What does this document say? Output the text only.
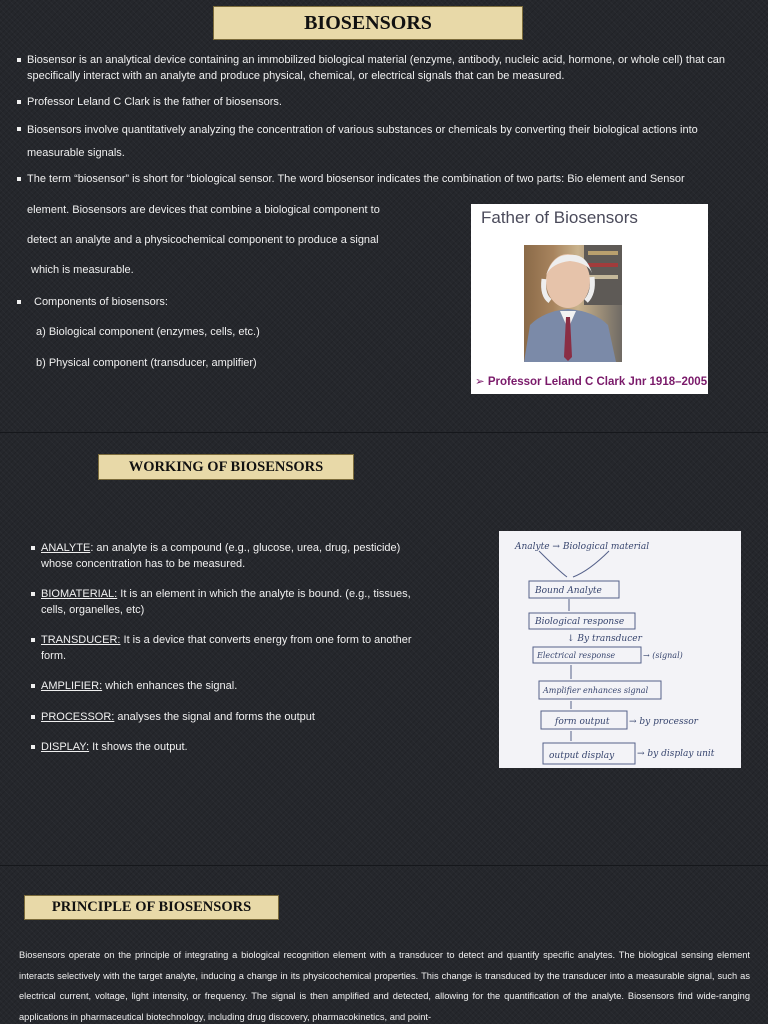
BIOSENSORS
Biosensor is an analytical device containing an immobilized biological material (enzyme, antibody, nucleic acid, hormone, or whole cell) that can specifically interact with an analyte and produce physical, chemical, or electrical signals that can be measured.
Professor Leland C Clark is the father of biosensors.
Biosensors involve quantitatively analyzing the concentration of various substances or chemicals by converting their biological actions into measurable signals.
The term “biosensor” is short for “biological sensor. The word biosensor indicates the combination of two parts: Bio element and Sensor
element. Biosensors are devices that combine a biological component to
detect an analyte and a physicochemical component to produce a signal
which is measurable.
Components of biosensors:
a) Biological component (enzymes, cells, etc.)
b) Physical component (transducer, amplifier)
Father of Biosensors
➢ Professor Leland C Clark Jnr 1918–2005
WORKING OF BIOSENSORS
ANALYTE: an analyte is a compound (e.g., glucose, urea, drug, pesticide) whose concentration has to be measured.
BIOMATERIAL: It is an element in which the analyte is bound. (e.g., tissues, cells, organelles, etc)
TRANSDUCER: It is a device that converts energy from one form to another form.
AMPLIFIER: which enhances the signal.
PROCESSOR: analyses the signal and forms the output
DISPLAY: It shows the output.
Analyte → Biological material
Bound Analyte
Biological response
↓ By transducer
Electrical response	→ (signal)
Amplifier enhances signal
form output → by processor
output display	→ by display unit
PRINCIPLE OF BIOSENSORS
Biosensors operate on the principle of integrating a biological recognition element with a transducer to detect and quantify specific analytes. The biological sensing element interacts selectively with the target analyte, inducing a change in its physicochemical properties. This change is transduced by the transducer into a measurable signal, such as electrical current, voltage, light intensity, or frequency. The signal is then amplified and detected, allowing for the quantification of the analyte. Biosensors find wide-ranging applications in pharmaceutical biotechnology, including drug discovery, pharmacokinetics, and point-
